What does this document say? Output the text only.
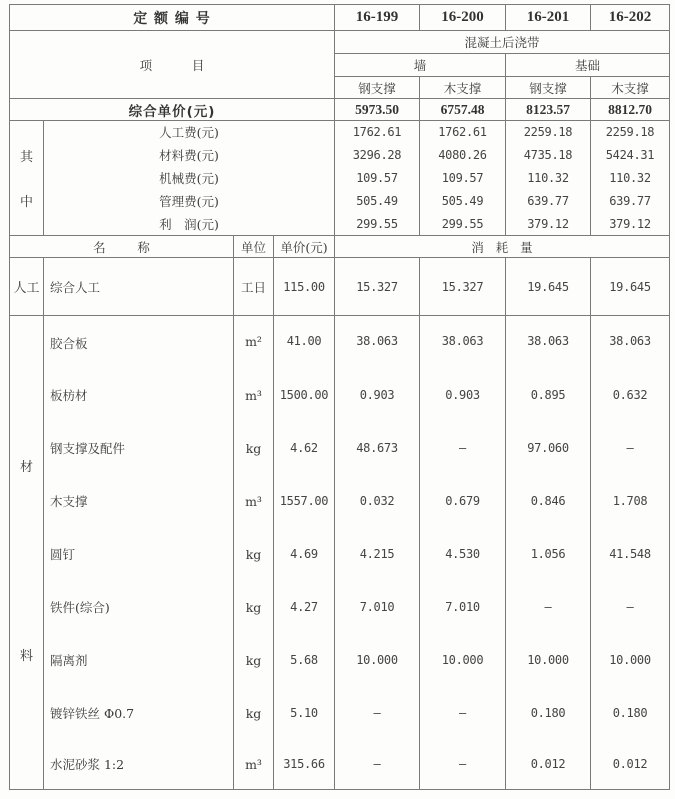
定 额 编 号				16-199	16-200	16-201	16-202
项          目				混凝土后浇带			
				墙		基础	
				钢支撑	木支撑	钢支撑	木支撑
综合单价(元)				5973.50	6757.48	8123.57	8812.70

其
中	人工费(元)			1762.61	1762.61	2259.18	2259.18
	材料费(元)			3296.28	4080.26	4735.18	5424.31
	机械费(元)			109.57	109.57	110.32	110.32
	管理费(元)			505.49	505.49	639.77	639.77
	利　润(元)			299.55	299.55	379.12	379.12
名        称		单位	单价(元)	消   耗   量			
人工	综合人工	工日	115.00	15.327	15.327	19.645	19.645

材
料	胶合板	m²	41.00	38.063	38.063	38.063	38.063
	板枋材	m³	1500.00	0.903	0.903	0.895	0.632
	钢支撑及配件	kg	4.62	48.673	—	97.060	—
	木支撑	m³	1557.00	0.032	0.679	0.846	1.708
	圆钉	kg	4.69	4.215	4.530	1.056	41.548
	铁件(综合)	kg	4.27	7.010	7.010	—	—
	隔离剂	kg	5.68	10.000	10.000	10.000	10.000
	镀锌铁丝 Φ0.7	kg	5.10	—	—	0.180	0.180
	水泥砂浆 1:2	m³	315.66	—	—	0.012	0.012
